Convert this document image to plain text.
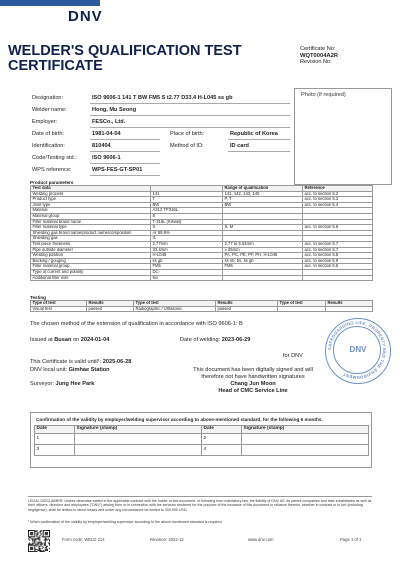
DNV
WELDER'S QUALIFICATION TEST
CERTIFICATE
Certificate No:
WQT0004A2R
Revision No:
Photo (if required)
Designation:	ISO 9606-1 141 T BW FM5 S t2.77 D33.4 H-L045 ss gb
Welder name:	Hong, Mu Seong
Employer:	FESCo., Ltd.
Date of birth:	1981-04-04	Place of birth:	Republic of Korea
Identification:	810404	Method of ID:	ID card
Code/Testing std.:	ISO 9606-1
WPS reference:	WPS-FES-GT-SP01
Product parameters
Test data		Range of qualification	Reference
Welding process	141	141, 142, 143, 145	acc. to section 5.2
Product type	T	P, T	acc. to section 5.3
Joint type	BW	BW	acc. to section 5.4
Material	A312 TP316L		
Material group	8		
Filler material brand name	T-316L (Kiswel)		
Filler material type	S	S, M	acc. to section 5.6
Shielding gas brand name/product name/composition	Ar 99.9%		
Shielding gas	I1		
Test piece thickness	2.77mm	2.77 to 5.54mm	acc. to section 5.7
Pipe outside diameter	33.4mm	≥ 25mm	acc. to section 5.7
Welding position	H-L045	PA, PC, PE, PF, PH, H-L045	acc. to section 5.8
Backing / gouging	ss gb	ss nb, bs, ss gb	acc. to section 5.9
Filler material group	FM5	FM5	acc. to section 5.5
Type of current and polarity	DC-		
Additional filler wire	No		
Testing
Type of test	Results	Type of test	Results	Type of test	Results
Visual test	passed	Radiographic / Ultrasonic	passed		
The chosen method of the extension of qualification in accordance with ISO 9606-1: B
Issued at Busan on 2024-01-04	Date of welding: 2023-06-29
for DNV
This Certificate is valid until¹: 2025-06-28
DNV local unit: Gimhae Station
Surveyor: Jung Hee Park
This document has been digitally signed and will
therefore not have handwritten signatures
Chang Jun Moon
Head of CMC Service Line
SAFEGUARDING LIFE, PROPERTY AND THE ENVIRONMENT
DNV
Confirmation of the validity by employer/welding supervisor according to above-mentioned standard, for the following 6 months.
Date	Signature (stamp)	Date	Signature (stamp)
1		2	
3		4	
LEGAL DISCLAIMER: Unless otherwise stated in the applicable contract with the holder of this document, or following from mandatory law, the liability of DNV AS, its parent companies and their subsidiaries as well as their officers, directors and employees ("DNV") arising from or in connection with the services rendered for the purpose of the issuance of this document or reliance thereon, whether in contract or in tort (including negligence), shall be limited to direct losses and under any circumstance be limited to 300,000 USD.
¹ When confirmation of the validity by employer/welding supervisor according to the above-mentioned standard is required.
Form code: WELD 214	Revision: 2022-12	www.dnv.com	Page 1 of 1
